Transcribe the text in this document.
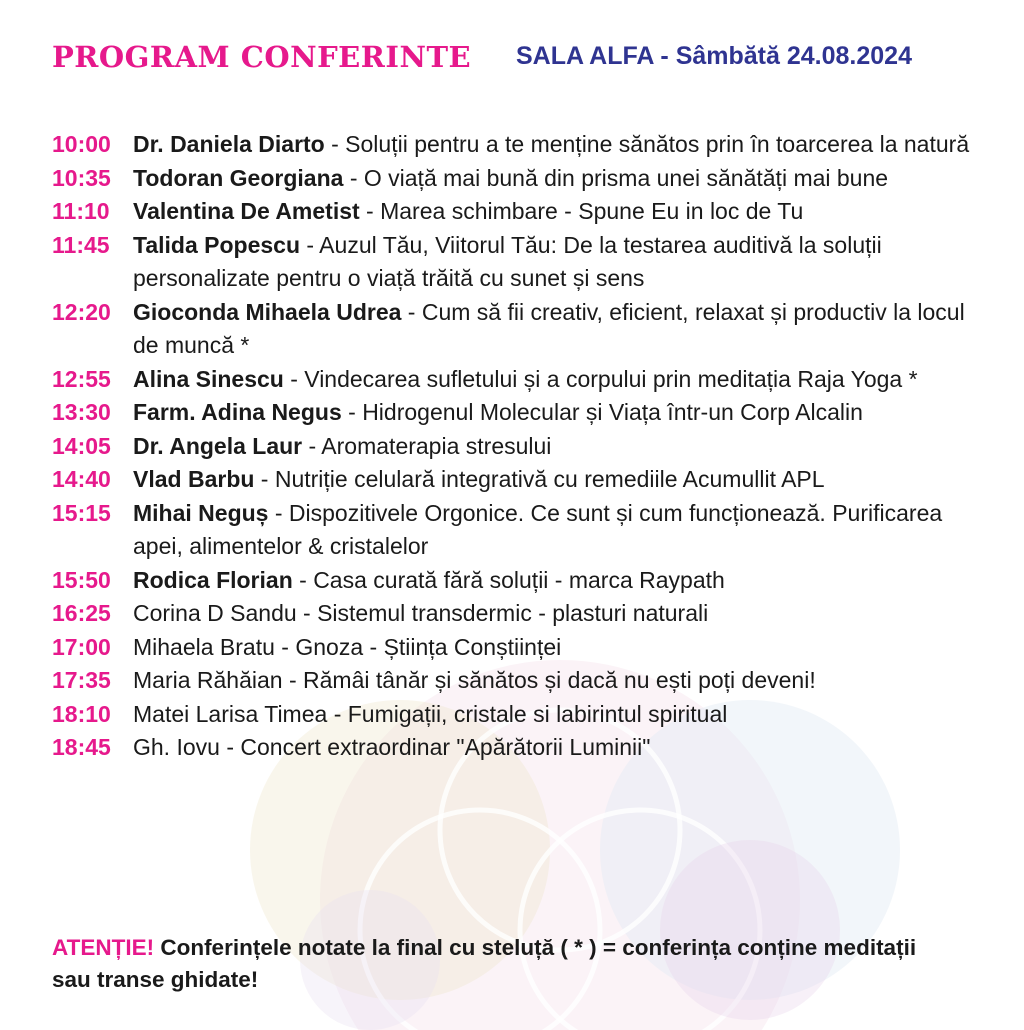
PROGRAM CONFERINTE SALA ALFA - Sâmbătă 24.08.2024
10:00 Dr. Daniela Diarto - Soluții pentru a te menține sănătos prin în toarcerea la natură
10:35 Todoran Georgiana - O viață mai bună din prisma unei sănătăți mai bune
11:10	Valentina De Ametist - Marea schimbare - Spune Eu in loc de Tu
11:45	Talida Popescu - Auzul Tău, Viitorul Tău: De la testarea auditivă la soluții personalizate pentru o viață trăită cu sunet și sens
12:20 Gioconda Mihaela Udrea - Cum să fii creativ, eficient, relaxat și productiv la locul de muncă *
12:55 Alina Sinescu - Vindecarea sufletului și a corpului prin meditația Raja Yoga *
13:30 Farm. Adina Negus - Hidrogenul Molecular și Viața într-un Corp Alcalin
14:05 Dr. Angela Laur - Aromaterapia stresului
14:40 Vlad Barbu - Nutriție celulară integrativă cu remediile Acumullit APL
15:15 Mihai Neguș - Dispozitivele Orgonice. Ce sunt și cum funcționează. Purificarea apei, alimentelor & cristalelor
15:50 Rodica Florian - Casa curată fără soluții - marca Raypath
16:25 Corina D Sandu - Sistemul transdermic - plasturi naturali
17:00 Mihaela Bratu - Gnoza - Știința Conștiinței
17:35 Maria Răhăian - Rămâi tânăr și sănătos și dacă nu ești poți deveni!
18:10 Matei Larisa Timea - Fumigații, cristale si labirintul spiritual
18:45 Gh. Iovu - Concert extraordinar "Apărătorii Luminii"
ATENȚIE! Conferințele notate la final cu steluță ( * ) = conferința conține meditații sau transe ghidate!
